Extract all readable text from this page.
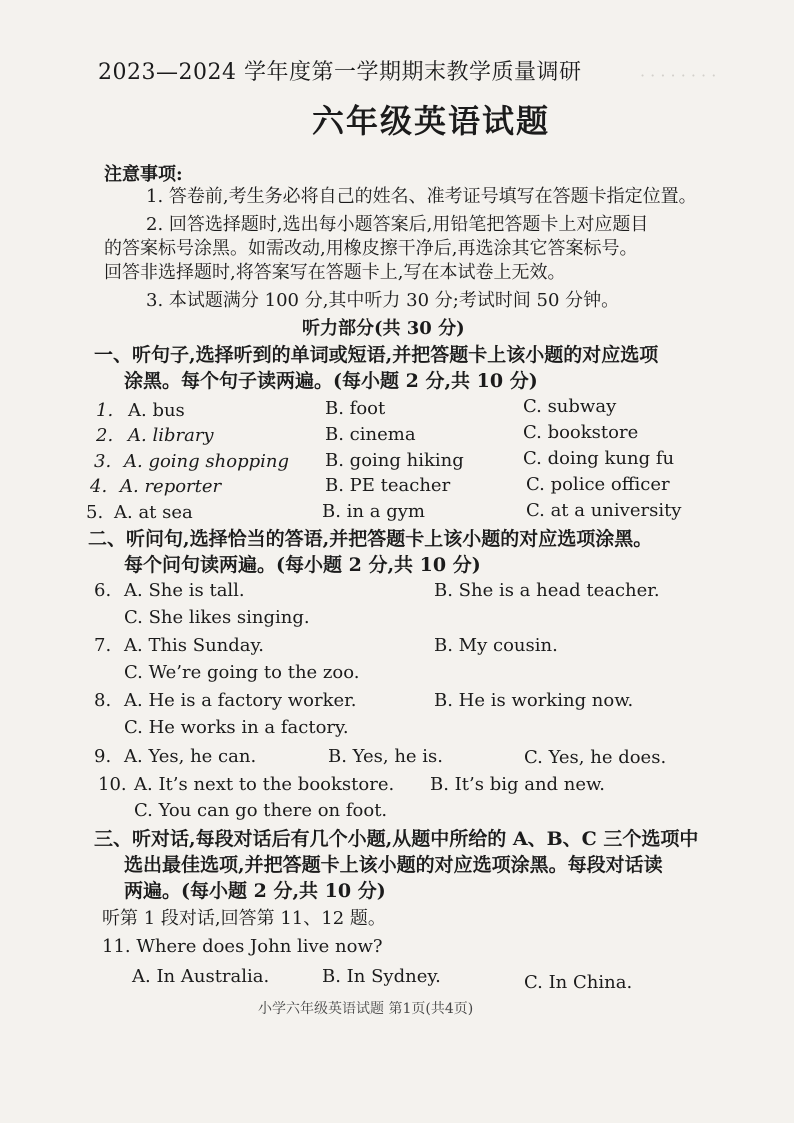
· · · · · · · ·
2023—2024 学年度第一学期期末教学质量调研
六年级英语试题
注意事项:
1. 答卷前,考生务必将自己的姓名、准考证号填写在答题卡指定位置。
2. 回答选择题时,选出每小题答案后,用铅笔把答题卡上对应题目
的答案标号涂黑。如需改动,用橡皮擦干净后,再选涂其它答案标号。
回答非选择题时,将答案写在答题卡上,写在本试卷上无效。
3. 本试题满分 100 分,其中听力 30 分;考试时间 50 分钟。
听力部分(共 30 分)
一、听句子,选择听到的单词或短语,并把答题卡上该小题的对应选项
涂黑。每个句子读两遍。(每小题 2 分,共 10 分)
1. A. bus	B. foot	C. subway
2. A. library	B. cinema	C. bookstore
3. A. going shopping B. going hiking	C. doing kung fu
4. A. reporter	B. PE teacher	C. police officer
5. A. at sea	B. in a gym	C. at a university
二、听问句,选择恰当的答语,并把答题卡上该小题的对应选项涂黑。
每个问句读两遍。(每小题 2 分,共 10 分)
6. A. She is tall.	B. She is a head teacher.
C. She likes singing.
7. A. This Sunday.	B. My cousin.
C. We’re going to the zoo.
8. A. He is a factory worker.	B. He is working now.
C. He works in a factory.
9. A. Yes, he can.	B. Yes, he is.	C. Yes, he does.
10. A. It’s next to the bookstore. B. It’s big and new.
C. You can go there on foot.
三、听对话,每段对话后有几个小题,从题中所给的 A、B、C 三个选项中
选出最佳选项,并把答题卡上该小题的对应选项涂黑。每段对话读
两遍。(每小题 2 分,共 10 分)
听第 1 段对话,回答第 11、12 题。
11. Where does John live now?
A. In Australia.	B. In Sydney.	C. In China.
小学六年级英语试题 第1页(共4页)
